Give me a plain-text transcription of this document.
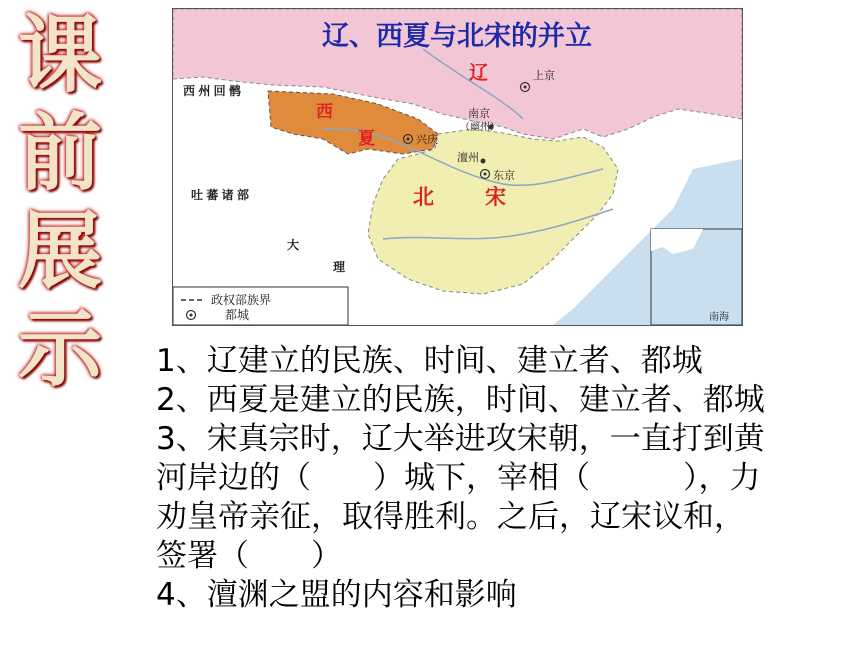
课
前
展
示
辽、西夏与北宋的并立
辽	上京
南京
（幽州）
西
夏	兴庆
澶州
东京
北 宋
西 州 回 鹘
吐 蕃 诸 部
大
理
政权部族界
都城	南海
1、辽建立的民族、时间、建立者、都城
2、西夏是建立的民族，时间、建立者、都城
3、宋真宗时，辽大举进攻宋朝，一直打到黄
河岸边的（　　）城下，宰相（　　　），力
劝皇帝亲征，取得胜利。之后，辽宋议和，
签署（　　）
4、澶渊之盟的内容和影响
